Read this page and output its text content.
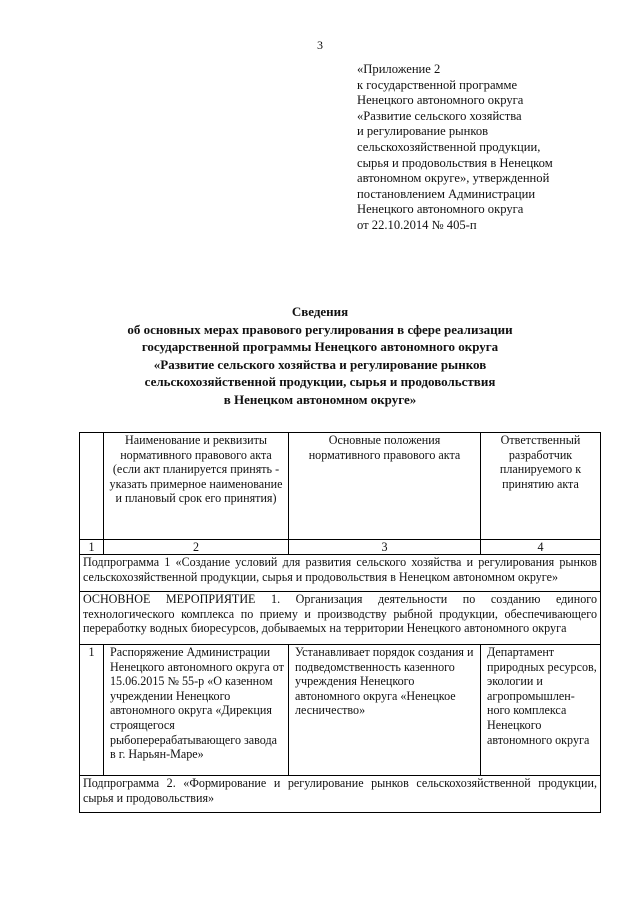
3
«Приложение 2
к государственной программе
Ненецкого автономного округа
«Развитие сельского хозяйства
и регулирование рынков
сельскохозяйственной продукции,
сырья и продовольствия в Ненецком
автономном округе», утвержденной
постановлением Администрации
Ненецкого автономного округа
от 22.10.2014 № 405-п
Сведения
об основных мерах правового регулирования в сфере реализации
государственной программы Ненецкого автономного округа
«Развитие сельского хозяйства и регулирование рынков
сельскохозяйственной продукции, сырья и продовольствия
в Ненецком автономном округе»
	Наименование и реквизиты нормативного правового акта (если акт планируется принять - указать примерное наименование и плановый срок его принятия)	Основные положения нормативного правового акта	Ответственный разработчик планируемого к принятию акта
1	2	3	4
Подпрограмма 1 «Создание условий для развития сельского хозяйства и регулирования рынков сельскохозяйственной продукции, сырья и продовольствия в Ненецком автономном округе»			
ОСНОВНОЕ МЕРОПРИЯТИЕ 1. Организация деятельности по созданию единого технологического комплекса по приему и производству рыбной продукции, обеспечивающего переработку водных биоресурсов, добываемых на территории Ненецкого автономного округа			
1	Распоряжение Администрации Ненецкого автономного округа от 15.06.2015 № 55-р «О казенном учреждении Ненецкого автономного округа «Дирекция строящегося рыбоперерабатывающего завода в г. Нарьян-Маре»	Устанавливает порядок создания и подведомственность казенного учреждения Ненецкого автономного округа «Ненецкое лесничество»	Департамент природных ресурсов, экологии и агропромышлен-ного комплекса Ненецкого автономного округа
Подпрограмма 2. «Формирование и регулирование рынков сельскохозяйственной продукции, сырья и продовольствия»			
